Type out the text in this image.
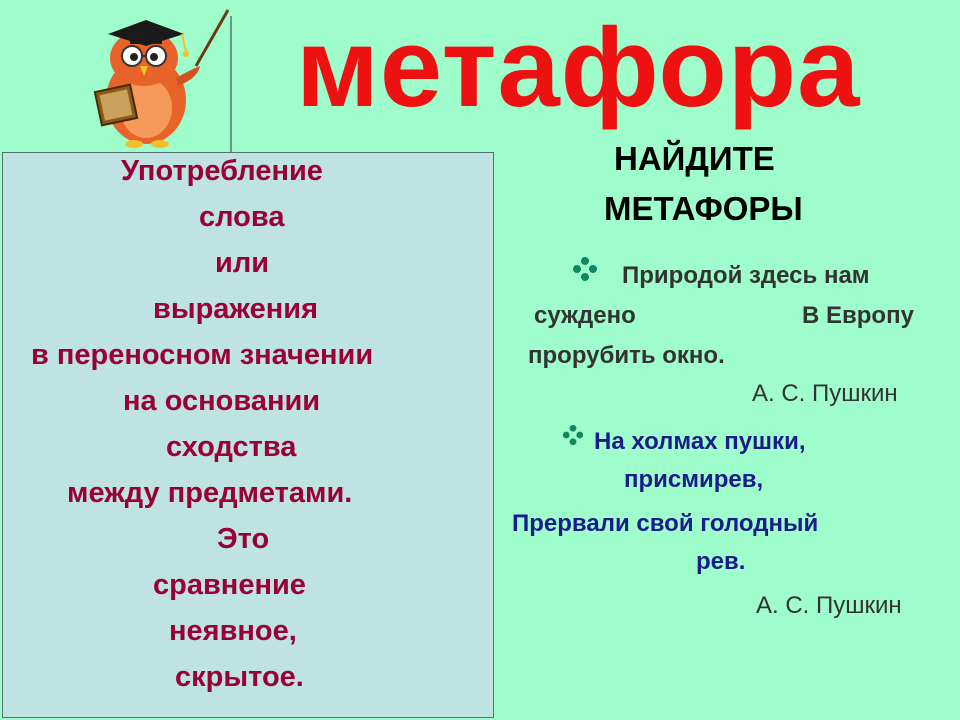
метафора
Употребление
слова
или
выражения
в переносном значении
на основании
сходства
между предметами.
Это
сравнение
неявное,
скрытое.
НАЙДИТЕ
МЕТАФОРЫ
Природой здесь нам
суждено	В Европу
прорубить окно.
А. С. Пушкин
На холмах пушки,
присмирев,
Прервали свой голодный
рев.
А. С. Пушкин
